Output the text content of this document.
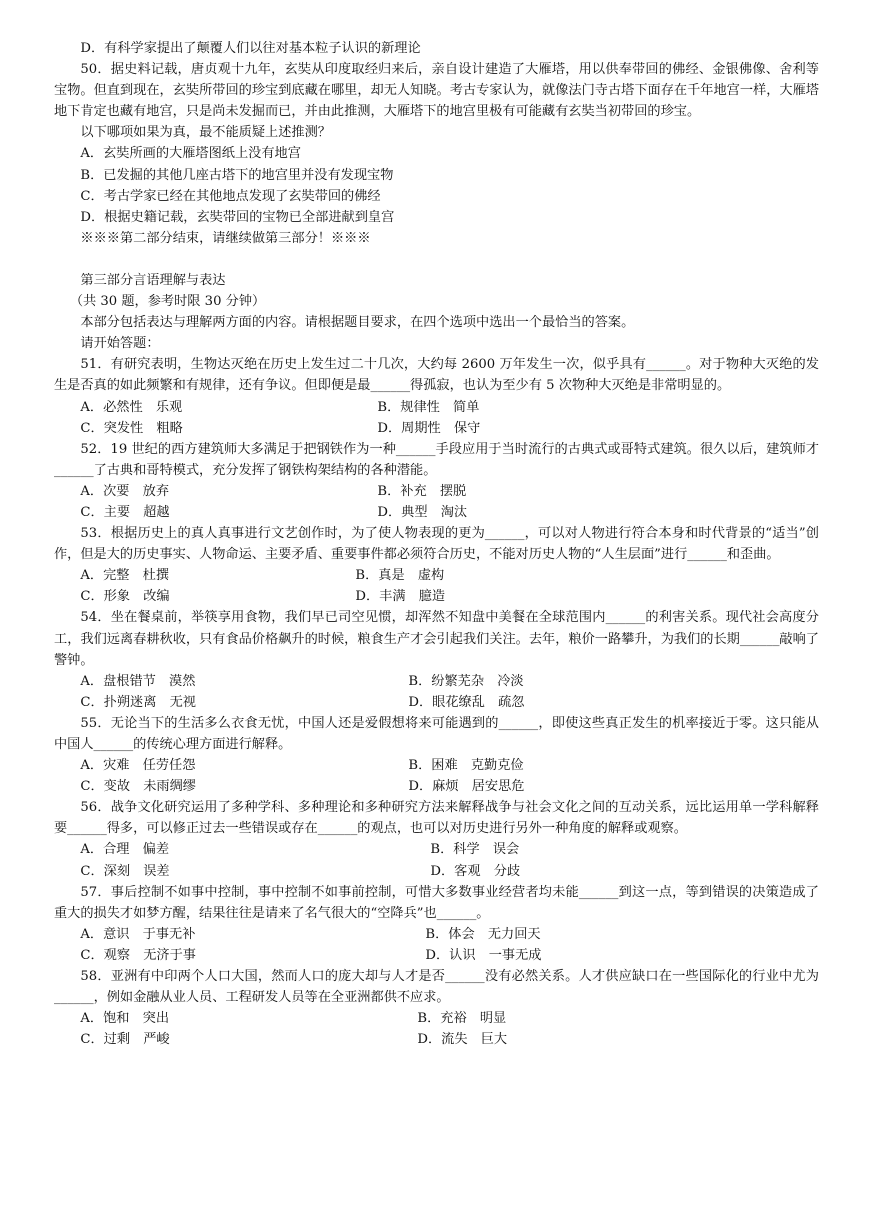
D．有科学家提出了颠覆人们以往对基本粒子认识的新理论

50．据史料记载，唐贞观十九年，玄奘从印度取经归来后，亲自设计建造了大雁塔，用以供奉带回的佛经、金银佛像、舍利等宝物。但直到现在，玄奘所带回的珍宝到底藏在哪里，却无人知晓。考古专家认为，就像法门寺古塔下面存在千年地宫一样，大雁塔地下肯定也藏有地宫，只是尚未发掘而已，并由此推测，大雁塔下的地宫里极有可能藏有玄奘当初带回的珍宝。

以下哪项如果为真，最不能质疑上述推测？

A．玄奘所画的大雁塔图纸上没有地宫

B．已发掘的其他几座古塔下的地宫里并没有发现宝物

C．考古学家已经在其他地点发现了玄奘带回的佛经

D．根据史籍记载，玄奘带回的宝物已全部进献到皇宫

※※※第二部分结束，请继续做第三部分！※※※

第三部分言语理解与表达

（共 30 题，参考时限 30 分钟）

本部分包括表达与理解两方面的内容。请根据题目要求，在四个选项中选出一个最恰当的答案。

请开始答题：

51．有研究表明，生物达灭绝在历史上发生过二十几次，大约每 2600 万年发生一次，似乎具有______。对于物种大灭绝的发生是否真的如此频繁和有规律，还有争议。但即便是最______得孤寂，也认为至少有 5 次物种大灭绝是非常明显的。

A．必然性　乐观	B．规律性　简单
C．突发性　粗略	D．周期性　保守

52．19 世纪的西方建筑师大多满足于把钢铁作为一种______手段应用于当时流行的古典式或哥特式建筑。很久以后，建筑师才______了古典和哥特模式，充分发挥了钢铁构架结构的各种潜能。

A．次要　放弃	B．补充　摆脱
C．主要　超越	D．典型　淘汰

53．根据历史上的真人真事进行文艺创作时，为了使人物表现的更为______，可以对人物进行符合本身和时代背景的“适当”创作，但是大的历史事实、人物命运、主要矛盾、重要事件都必须符合历史，不能对历史人物的“人生层面”进行______和歪曲。

A．完整　杜撰	B．真是　虚构
C．形象　改编	D．丰满　臆造

54．坐在餐桌前，举筷享用食物，我们早已司空见惯，却浑然不知盘中美餐在全球范围内______的利害关系。现代社会高度分工，我们远离春耕秋收，只有食品价格飙升的时候，粮食生产才会引起我们关注。去年，粮价一路攀升，为我们的长期______敲响了警钟。

A．盘根错节　漠然	B．纷繁芜杂　冷淡
C．扑朔迷离　无视	D．眼花缭乱　疏忽

55．无论当下的生活多么衣食无忧，中国人还是爱假想将来可能遇到的______，即使这些真正发生的机率接近于零。这只能从中国人______的传统心理方面进行解释。

A．灾难　任劳任怨	B．困难　克勤克俭
C．变故　未雨绸缪	D．麻烦　居安思危

56．战争文化研究运用了多种学科、多种理论和多种研究方法来解释战争与社会文化之间的互动关系，远比运用单一学科解释要______得多，可以修正过去一些错误或存在______的观点，也可以对历史进行另外一种角度的解释或观察。

A．合理　偏差	B．科学　误会
C．深刻　误差	D．客观　分歧

57．事后控制不如事中控制，事中控制不如事前控制，可惜大多数事业经营者均未能______到这一点，等到错误的决策造成了重大的损失才如梦方醒，结果往往是请来了名气很大的“空降兵”也______。

A．意识　于事无补	B．体会　无力回天
C．观察　无济于事	D．认识　一事无成

58．亚洲有中印两个人口大国，然而人口的庞大却与人才是否______没有必然关系。人才供应缺口在一些国际化的行业中尤为______，例如金融从业人员、工程研发人员等在全亚洲都供不应求。

A．饱和　突出	B．充裕　明显
C．过剩　严峻	D．流失　巨大
